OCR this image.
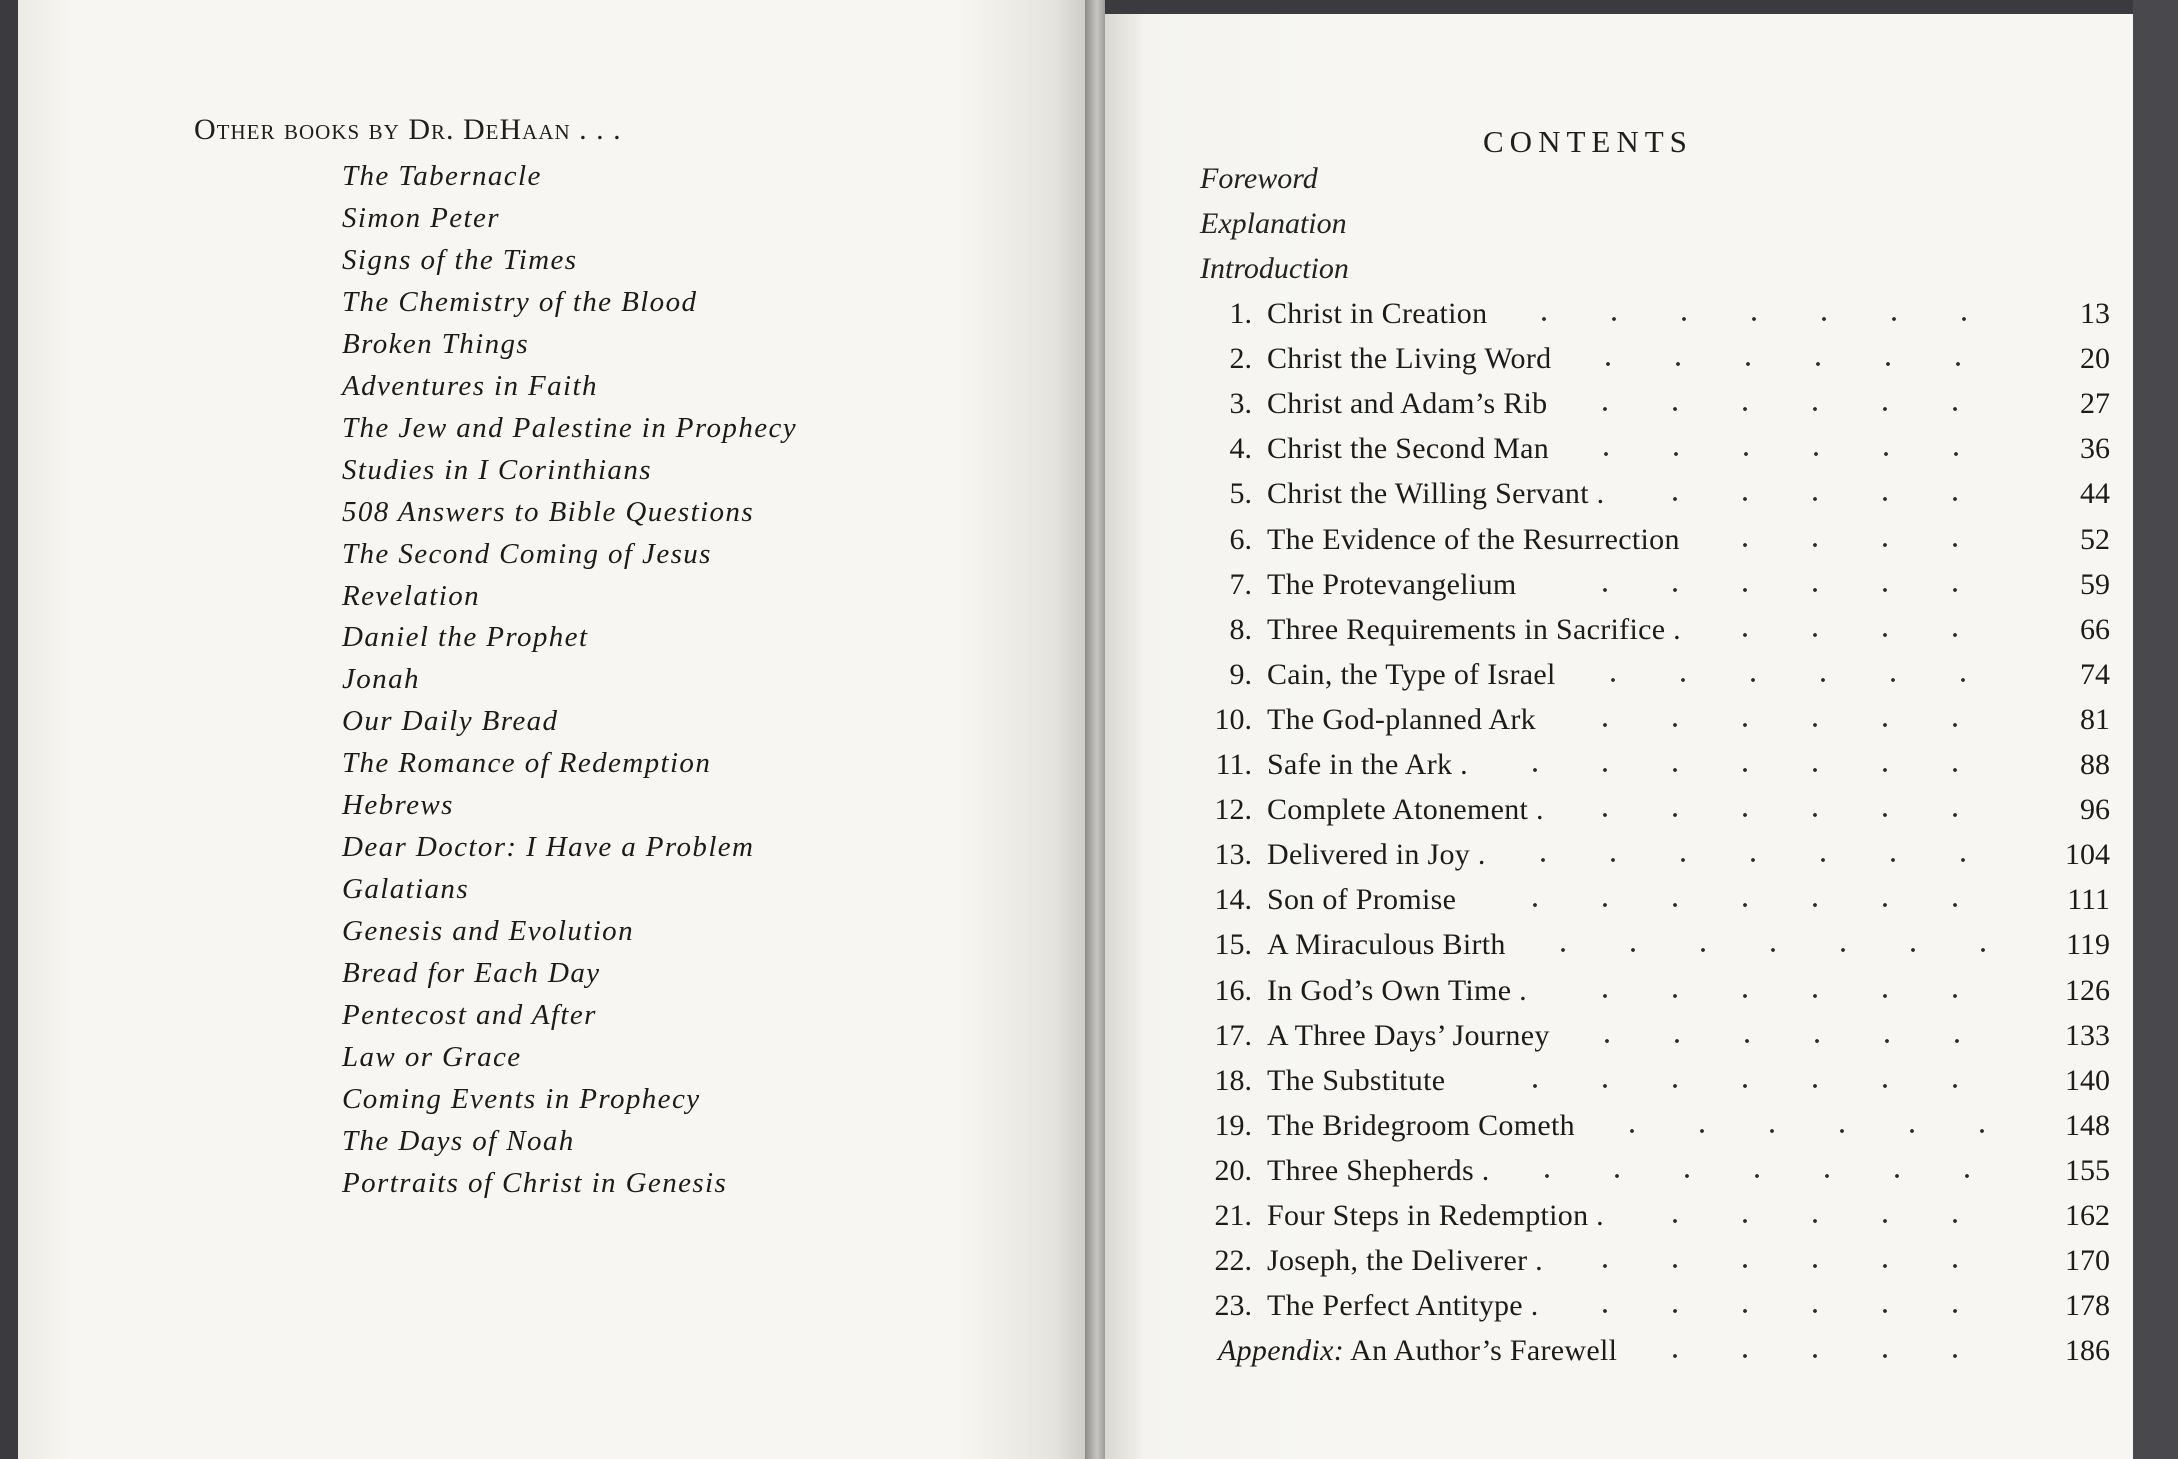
Other books by Dr. DeHaan . . .
The Tabernacle
Simon Peter
Signs of the Times
The Chemistry of the Blood
Broken Things
Adventures in Faith
The Jew and Palestine in Prophecy
Studies in I Corinthians
508 Answers to Bible Questions
The Second Coming of Jesus
Revelation
Daniel the Prophet
Jonah
Our Daily Bread
The Romance of Redemption
Hebrews
Dear Doctor: I Have a Problem
Galatians
Genesis and Evolution
Bread for Each Day
Pentecost and After
Law or Grace
Coming Events in Prophecy
The Days of Noah
Portraits of Christ in Genesis
CONTENTS
Foreword
Explanation
Introduction
1. Christ in Creation	13
2. Christ the Living Word	20
3. Christ and Adam’s Rib	27
4. Christ the Second Man	36
5. Christ the Willing Servant .	44
6. The Evidence of the Resurrection	52
7. The Protevangelium	59
8. Three Requirements in Sacrifice .	66
9. Cain, the Type of Israel	74
10. The God-planned Ark	81
11. Safe in the Ark .	88
12. Complete Atonement .	96
13. Delivered in Joy .	104
14. Son of Promise	111
15. A Miraculous Birth	119
16. In God’s Own Time .	126
17. A Three Days’ Journey	133
18. The Substitute	140
19. The Bridegroom Cometh	148
20. Three Shepherds .	155
21. Four Steps in Redemption .	162
22. Joseph, the Deliverer .	170
23. The Perfect Antitype .	178
Appendix: An Author’s Farewell	186
